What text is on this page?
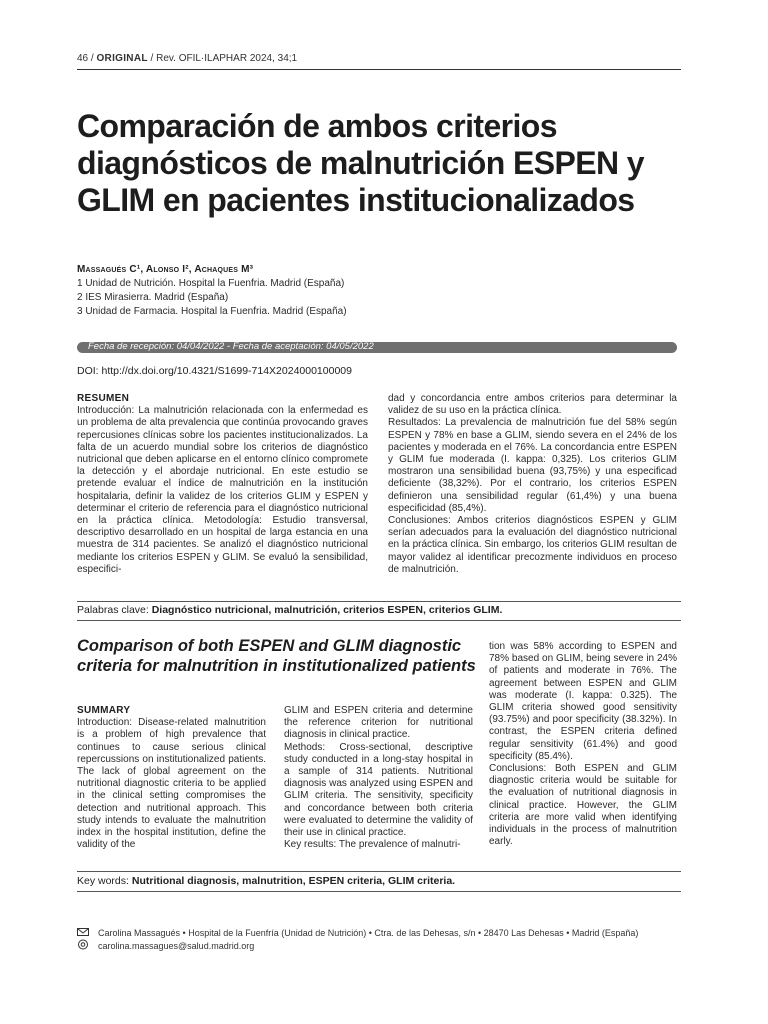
46 / ORIGINAL / Rev. OFIL·ILAPHAR 2024, 34;1
Comparación de ambos criterios diagnósticos de malnutrición ESPEN y GLIM en pacientes institucionalizados
Massagués C¹, Alonso I², Achaques M³
1 Unidad de Nutrición. Hospital la Fuenfria. Madrid (España)
2 IES Mirasierra. Madrid (España)
3 Unidad de Farmacia. Hospital la Fuenfria. Madrid (España)
Fecha de recepción: 04/04/2022 - Fecha de aceptación: 04/05/2022
DOI: http://dx.doi.org/10.4321/S1699-714X2024000100009
RESUMEN

Introducción: La malnutrición relacionada con la enfermedad es un problema de alta prevalencia que continúa provocando graves repercusiones clínicas sobre los pacientes institucionalizados. La falta de un acuerdo mundial sobre los criterios de diagnóstico nutricional que deben aplicarse en el entorno clínico compromete la detección y el abordaje nutricional. En este estudio se pretende evaluar el índice de malnutrición en la institución hospitalaria, definir la validez de los criterios GLIM y ESPEN y determinar el criterio de referencia para el diagnóstico nutricional en la práctica clínica. Metodología: Estudio transversal, descriptivo desarrollado en un hospital de larga estancia en una muestra de 314 pacientes. Se analizó el diagnóstico nutricional mediante los criterios ESPEN y GLIM. Se evaluó la sensibilidad, especifici-

dad y concordancia entre ambos criterios para determinar la validez de su uso en la práctica clínica.

Resultados: La prevalencia de malnutrición fue del 58% según ESPEN y 78% en base a GLIM, siendo severa en el 24% de los pacientes y moderada en el 76%. La concordancia entre ESPEN y GLIM fue moderada (I. kappa: 0,325). Los criterios GLIM mostraron una sensibilidad buena (93,75%) y una especificad deficiente (38,32%). Por el contrario, los criterios ESPEN definieron una sensibilidad regular (61,4%) y una buena especificidad (85,4%).

Conclusiones: Ambos criterios diagnósticos ESPEN y GLIM serían adecuados para la evaluación del diagnóstico nutricional en la práctica clínica. Sin embargo, los criterios GLIM resultan de mayor validez al identificar precozmente individuos en proceso de malnutrición.

Palabras clave: Diagnóstico nutricional, malnutrición, criterios ESPEN, criterios GLIM.
Comparison of both ESPEN and GLIM diagnostic criteria for malnutrition in institutionalized patients
SUMMARY

Introduction: Disease-related malnutrition is a problem of high prevalence that continues to cause serious clinical repercussions on institutionalized patients. The lack of global agreement on the nutritional diagnostic criteria to be applied in the clinical setting compromises the detection and nutritional approach. This study intends to evaluate the malnutrition index in the hospital institution, define the validity of the

GLIM and ESPEN criteria and determine the reference criterion for nutritional diagnosis in clinical practice.

Methods: Cross-sectional, descriptive study conducted in a long-stay hospital in a sample of 314 patients. Nutritional diagnosis was analyzed using ESPEN and GLIM criteria. The sensitivity, specificity and concordance between both criteria were evaluated to determine the validity of their use in clinical practice.

Key results: The prevalence of malnutri-

tion was 58% according to ESPEN and 78% based on GLIM, being severe in 24% of patients and moderate in 76%. The agreement between ESPEN and GLIM was moderate (I. kappa: 0.325). The GLIM criteria showed good sensitivity (93.75%) and poor specificity (38.32%). In contrast, the ESPEN criteria defined regular sensitivity (61.4%) and good specificity (85.4%).

Conclusions: Both ESPEN and GLIM diagnostic criteria would be suitable for the evaluation of nutritional diagnosis in clinical practice. However, the GLIM criteria are more valid when identifying individuals in the process of malnutrition early.

Key words: Nutritional diagnosis, malnutrition, ESPEN criteria, GLIM criteria.
Carolina Massagués • Hospital de la Fuenfría (Unidad de Nutrición) • Ctra. de las Dehesas, s/n • 28470 Las Dehesas • Madrid (España)
carolina.massagues@salud.madrid.org
